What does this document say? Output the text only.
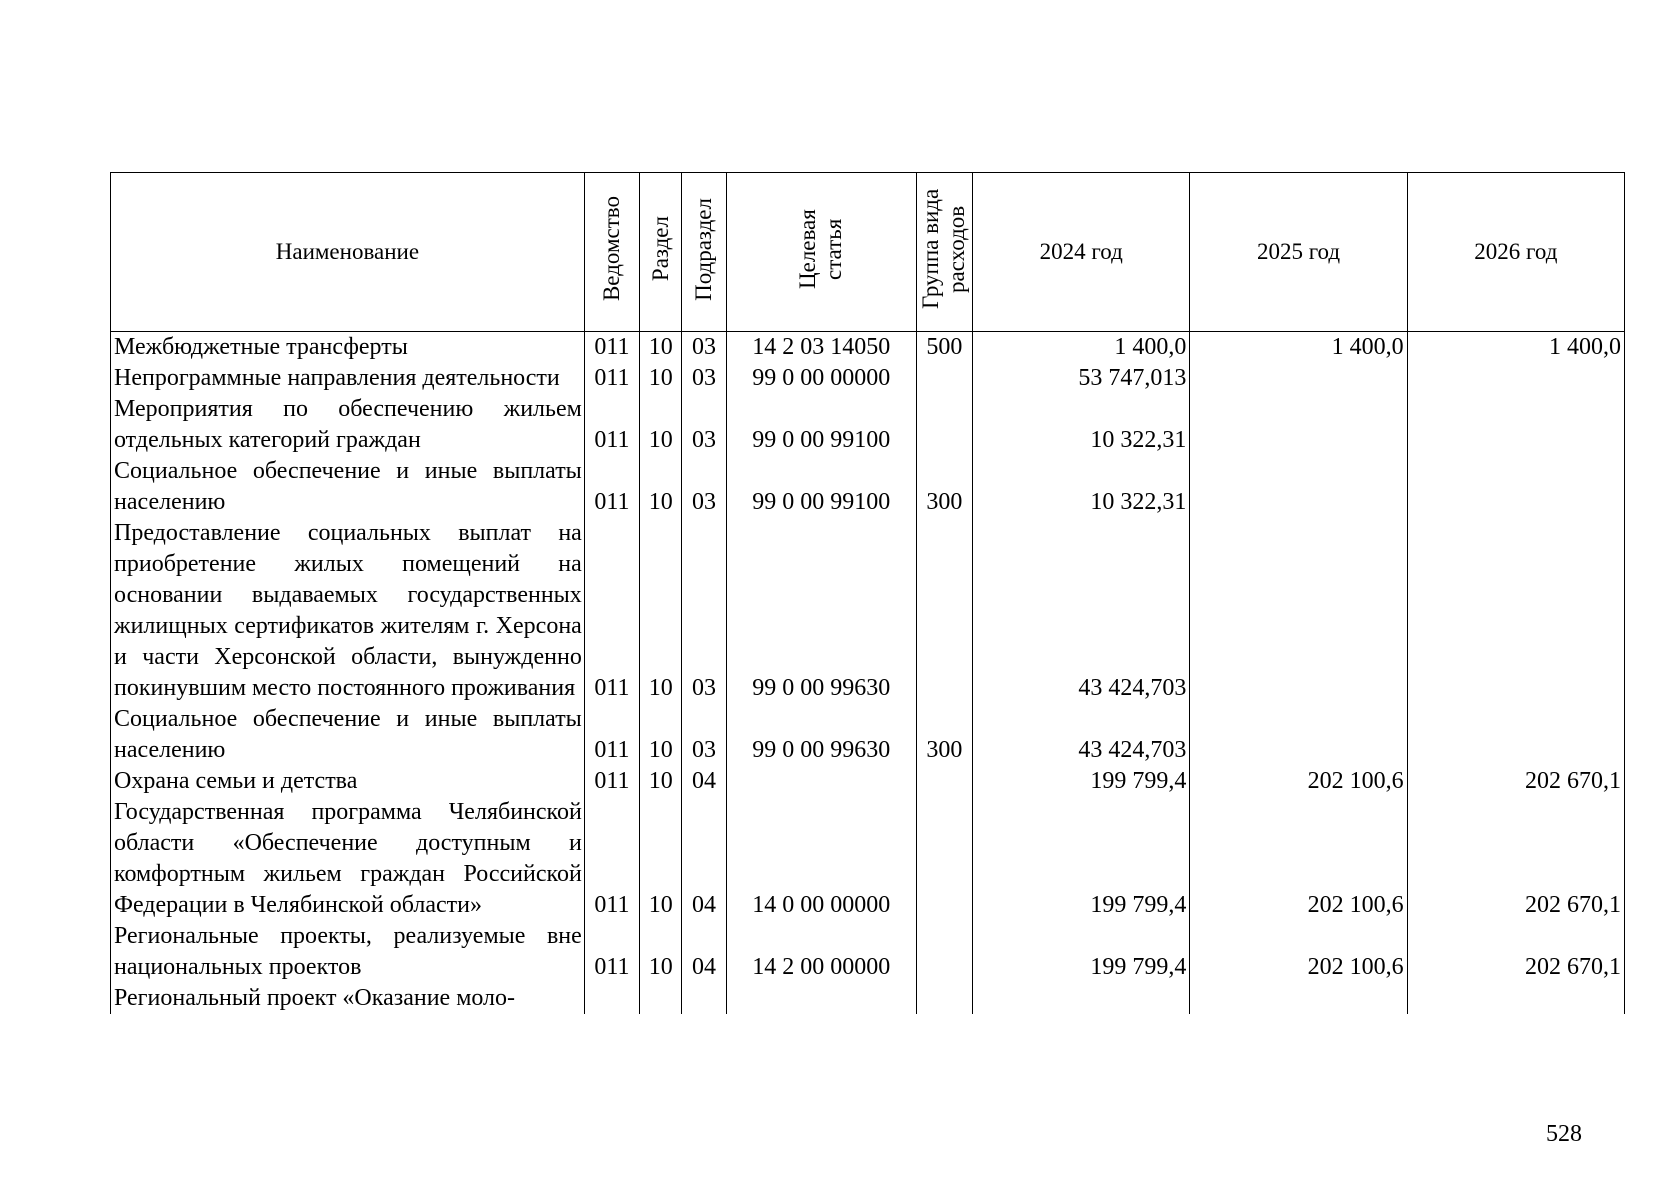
Наименование	Ведомство	Раздел	Подраздел	Целевая статья	Группа вида расходов	2024 год	2025 год	2026 год
Межбюджетные трансферты	011	10	03	14 2 03 14050	500	1 400,0	1 400,0	1 400,0
Непрограммные направления деятельности	011	10	03	99 0 00 00000		53 747,013		
Мероприятия по обеспечению жильем отдельных категорий граждан	011	10	03	99 0 00 99100		10 322,31		
Социальное обеспечение и иные выплаты населению	011	10	03	99 0 00 99100	300	10 322,31		
Предоставление социальных выплат на приобретение жилых помещений на основании выдаваемых государственных жилищных сертификатов жителям г. Херсона и части Херсонской области, вынужденно покинувшим место постоянного проживания	011	10	03	99 0 00 99630		43 424,703		
Социальное обеспечение и иные выплаты населению	011	10	03	99 0 00 99630	300	43 424,703		
Охрана семьи и детства	011	10	04			199 799,4	202 100,6	202 670,1
Государственная программа Челябинской области «Обеспечение доступным и комфортным жильем граждан Российской Федерации в Челябинской области»	011	10	04	14 0 00 00000		199 799,4	202 100,6	202 670,1
Региональные проекты, реализуемые вне национальных проектов	011	10	04	14 2 00 00000		199 799,4	202 100,6	202 670,1
Региональный проект «Оказание моло-								
528
